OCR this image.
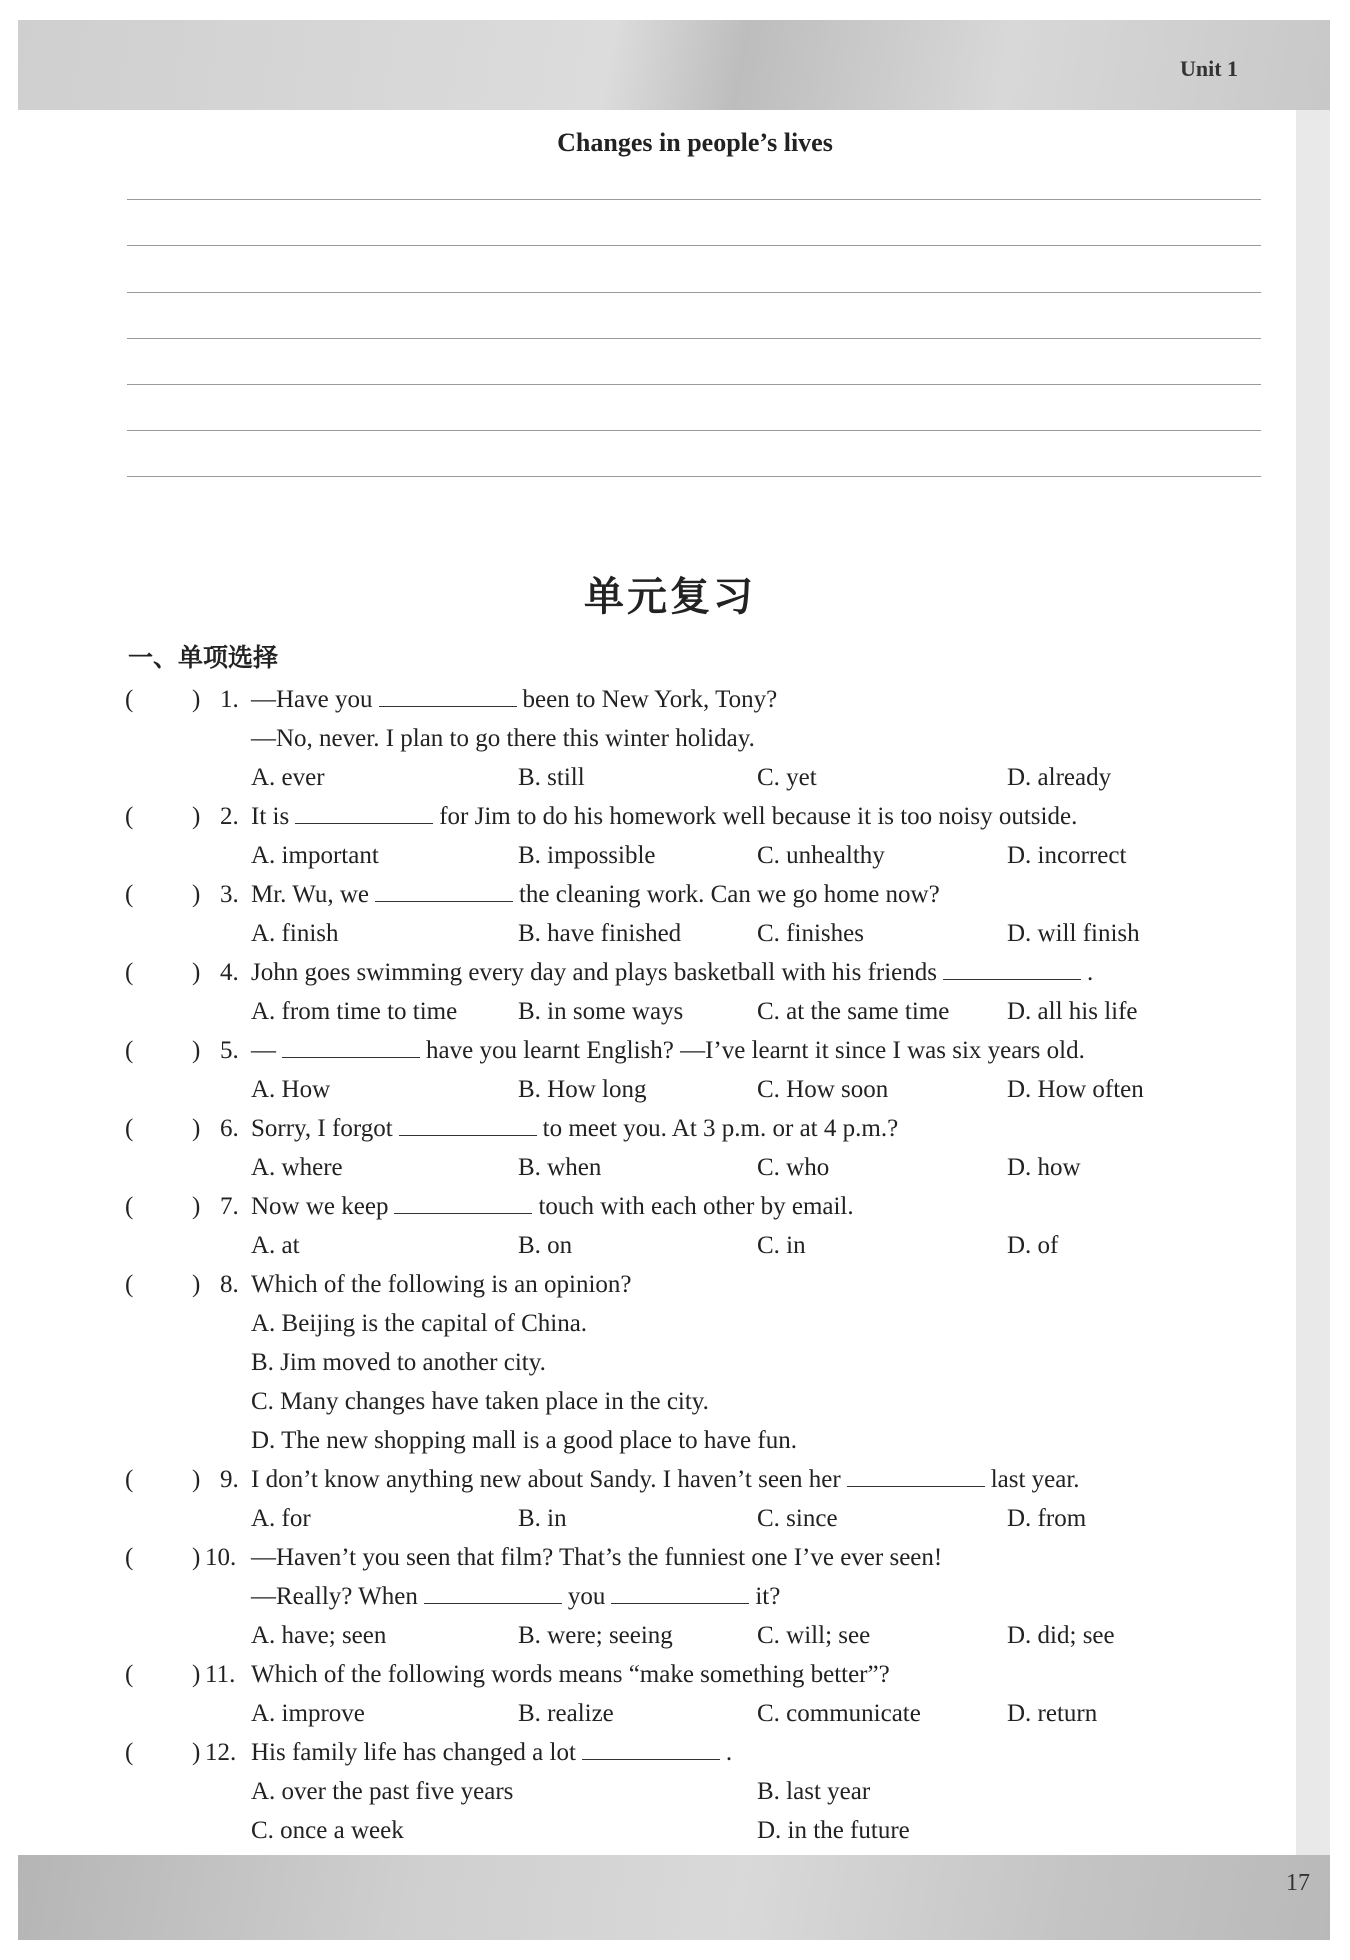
Unit 1
17
Changes in people’s lives
单元复习
一、单项选择
( ) 1. —Have you	been to New York, Tony?
—No, never. I plan to go there this winter holiday.
A. ever	B. still	C. yet	D. already
( ) 2. It is	for Jim to do his homework well because it is too noisy outside.
A. important	B. impossible	C. unhealthy	D. incorrect
( ) 3. Mr. Wu, we	the cleaning work. Can we go home now?
A. finish	B. have finished	C. finishes	D. will finish
( ) 4. John goes swimming every day and plays basketball with his friends	.
A. from time to time B. in some ways	C. at the same time D. all his life
( ) 5. —	have you learnt English? —I’ve learnt it since I was six years old.
A. How	B. How long	C. How soon	D. How often
( ) 6. Sorry, I forgot	to meet you. At 3 p.m. or at 4 p.m.?
A. where	B. when	C. who	D. how
( ) 7. Now we keep	touch with each other by email.
A. at	B. on	C. in	D. of
( ) 8. Which of the following is an opinion?
A. Beijing is the capital of China.
B. Jim moved to another city.
C. Many changes have taken place in the city.
D. The new shopping mall is a good place to have fun.
( ) 9. I don’t know anything new about Sandy. I haven’t seen her	last year.
A. for	B. in	C. since	D. from
( ) 10. —Haven’t you seen that film? That’s the funniest one I’ve ever seen!
—Really? When	you	it?
A. have; seen	B. were; seeing	C. will; see	D. did; see
( ) 11. Which of the following words means “make something better”?
A. improve	B. realize	C. communicate	D. return
( ) 12. His family life has changed a lot	.
A. over the past five years	B. last year
C. once a week	D. in the future
